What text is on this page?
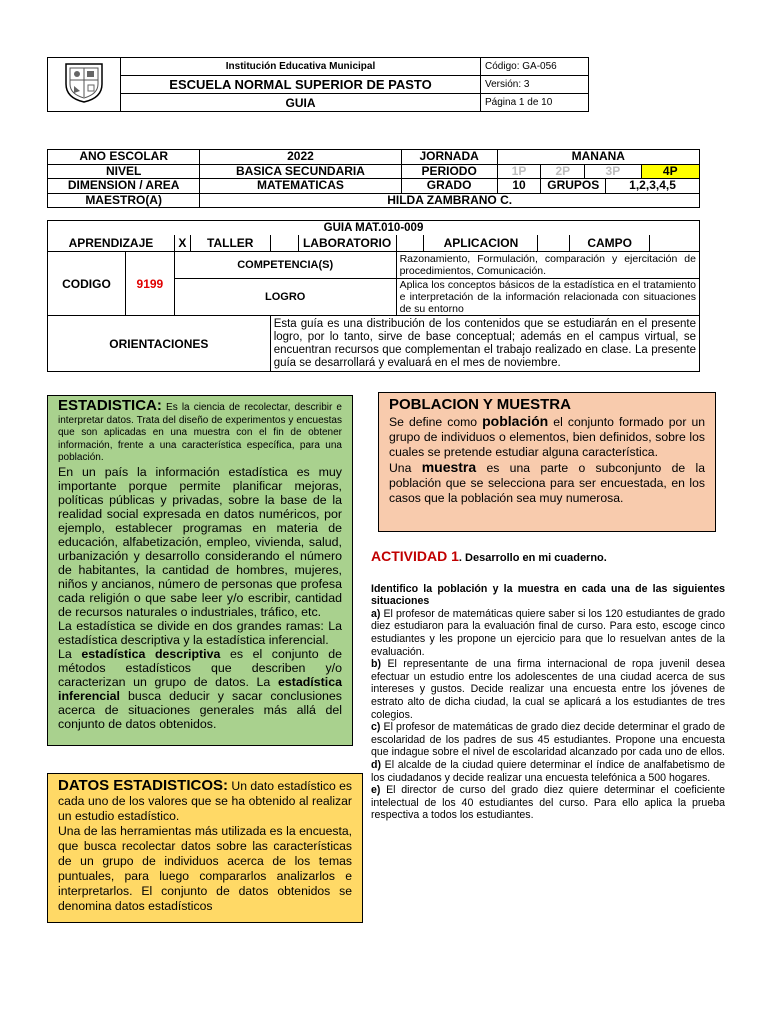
Institución Educativa Municipal	Código: GA-056

	ESCUELA NORMAL SUPERIOR DE PASTO	Versión: 3
	GUIA	Página 1 de 10
ANO ESCOLAR	2022	JORNADA	MANANA				
NIVEL	BASICA SECUNDARIA	PERIODO	1P	2P	3P		4P
DIMENSION / AREA	MATEMATICAS	GRADO	10	GRUPOS		1,2,3,4,5	
MAESTRO(A)	HILDA ZAMBRANO C.						
GUIA MAT.010-009										
APRENDIZAJE		X	TALLER		LABORATORIO		APLICACION		CAMPO	
CODIGO	9199	COMPETENCIA(S)				Razonamiento, Formulación, comparación y ejercitación de procedimientos, Comunicación.				
		LOGRO				Aplica los conceptos básicos de la estadística en el tratamiento e interpretación de la información relacionada con situaciones de su entorno				
ORIENTACIONES				Esta guía es una distribución de los contenidos que se estudiarán en el presente logro, por lo tanto, sirve de base conceptual; además en el campus virtual, se encuentran recursos que complementan el trabajo realizado en clase. La presente guía se desarrollará y evaluará en el mes de noviembre.						
ESTADISTICA: Es la ciencia de recolectar, describir e interpretar datos. Trata del diseño de experimentos y encuestas que son aplicadas en una muestra con el fin de obtener información, frente a una característica específica, para una población.
En un país la información estadística es muy importante porque permite planificar mejoras, políticas públicas y privadas, sobre la base de la realidad social expresada en datos numéricos, por ejemplo, establecer programas en materia de educación, alfabetización, empleo, vivienda, salud, urbanización y desarrollo considerando el número de habitantes, la cantidad de hombres, mujeres, niños y ancianos, número de personas que profesa cada religión o que sabe leer y/o escribir, cantidad de recursos naturales o industriales, tráfico, etc.
La estadística se divide en dos grandes ramas: La estadística descriptiva y la estadística inferencial.
La estadística descriptiva es el conjunto de métodos estadísticos que describen y/o caracterizan un grupo de datos. La estadística inferencial busca deducir y sacar conclusiones acerca de situaciones generales más allá del conjunto de datos obtenidos.
POBLACION Y MUESTRA
Se define como población el conjunto formado por un grupo de individuos o elementos, bien definidos, sobre los cuales se pretende estudiar alguna característica.
Una muestra es una parte o subconjunto de la población que se selecciona para ser encuestada, en los casos que la población sea muy numerosa.
ACTIVIDAD 1. Desarrollo en mi cuaderno.

Identifico la población y la muestra en cada una de las siguientes situaciones

a) El profesor de matemáticas quiere saber si los 120 estudiantes de grado diez estudiaron para la evaluación final de curso. Para esto, escoge cinco estudiantes y les propone un ejercicio para que lo resuelvan antes de la evaluación.

b) El representante de una firma internacional de ropa juvenil desea efectuar un estudio entre los adolescentes de una ciudad acerca de sus intereses y gustos. Decide realizar una encuesta entre los jóvenes de estrato alto de dicha ciudad, la cual se aplicará a los estudiantes de tres colegios.

c) El profesor de matemáticas de grado diez decide determinar el grado de escolaridad de los padres de sus 45 estudiantes. Propone una encuesta que indague sobre el nivel de escolaridad alcanzado por cada uno de ellos.

d) El alcalde de la ciudad quiere determinar el índice de analfabetismo de los ciudadanos y decide realizar una encuesta telefónica a 500 hogares.

e) El director de curso del grado diez quiere determinar el coeficiente intelectual de los 40 estudiantes del curso. Para ello aplica la prueba respectiva a todos los estudiantes.

DATOS ESTADISTICOS: Un dato estadístico es cada uno de los valores que se ha obtenido al realizar un estudio estadístico.
Una de las herramientas más utilizada es la encuesta, que busca recolectar datos sobre las características de un grupo de individuos acerca de los temas puntuales, para luego compararlos analizarlos e interpretarlos. El conjunto de datos obtenidos se denomina datos estadísticos
